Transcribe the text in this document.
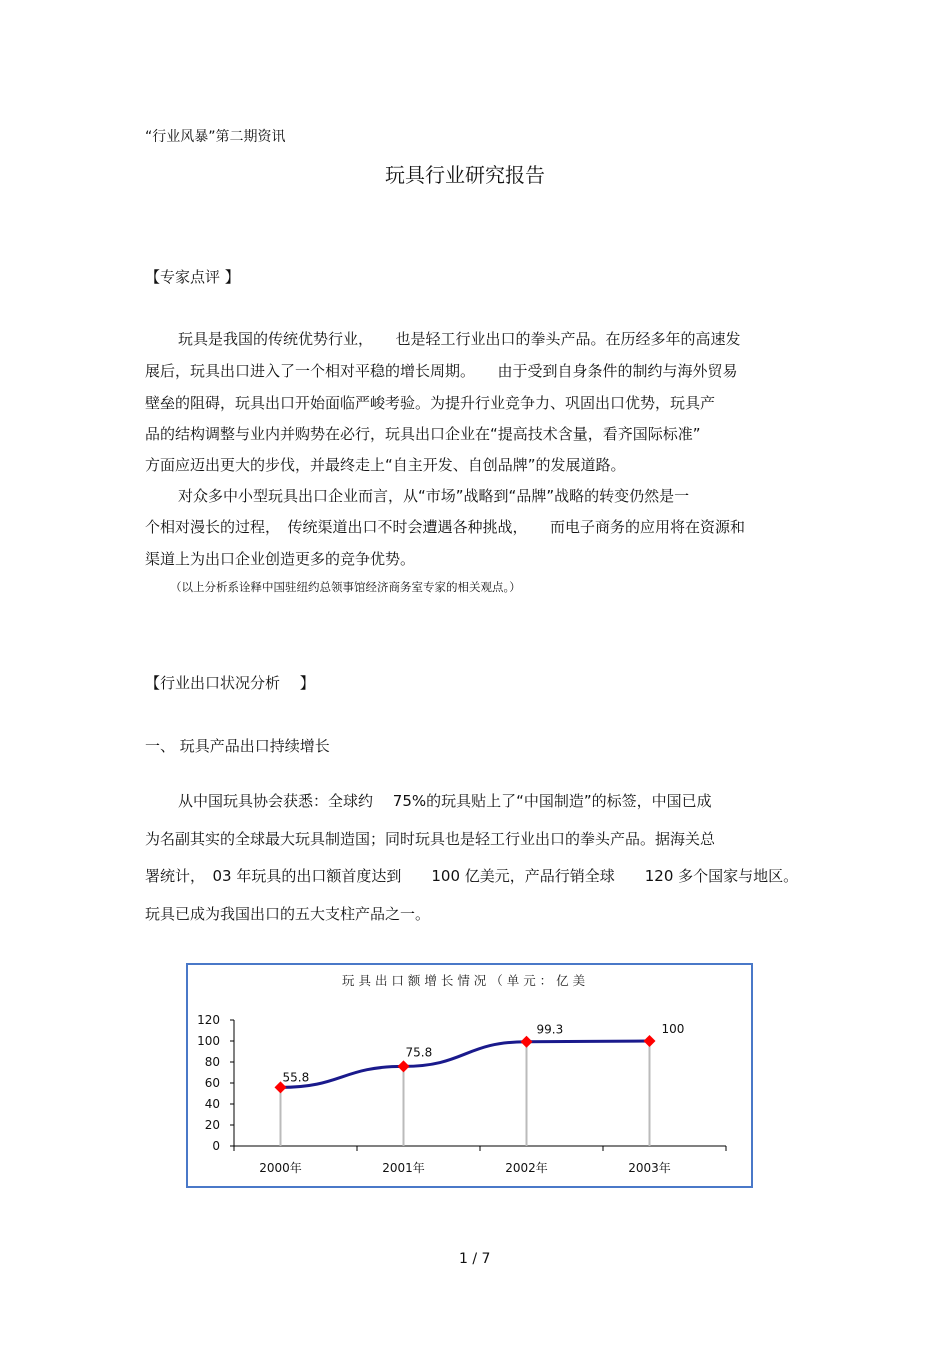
“行业风暴”第二期资讯
玩具行业研究报告
【专家点评 】
玩具是我国的传统优势行业，　　也是轻工行业出口的拳头产品。在历经多年的高速发
展后，玩具出口进入了一个相对平稳的增长周期。　　由于受到自身条件的制约与海外贸易
壁垒的阻碍，玩具出口开始面临严峻考验。为提升行业竞争力、巩固出口优势，玩具产
品的结构调整与业内并购势在必行，玩具出口企业在“提高技术含量，看齐国际标准”
方面应迈出更大的步伐，并最终走上“自主开发、自创品牌”的发展道路。
对众多中小型玩具出口企业而言，从“市场”战略到“品牌”战略的转变仍然是一
个相对漫长的过程，　传统渠道出口不时会遭遇各种挑战，　　而电子商务的应用将在资源和
渠道上为出口企业创造更多的竞争优势。
（以上分析系诠释中国驻纽约总领事馆经济商务室专家的相关观点。）
【行业出口状况分析 　】
一、 玩具产品出口持续增长
从中国玩具协会获悉：全球约　 75%的玩具贴上了“中国制造”的标签，中国已成
为名副其实的全球最大玩具制造国；同时玩具也是轻工行业出口的拳头产品。据海关总
署统计，　03 年玩具的出口额首度达到　　100 亿美元，产品行销全球　　120 多个国家与地区。
玩具已成为我国出口的五大支柱产品之一。
玩 具 出 口 额 增 长 情 况 （ 单 元 ： 亿 美
0
20
40
60
80
100
120
2000年	2001年	2002年	2003年
55.8
75.8
99.3	100
1 / 7
